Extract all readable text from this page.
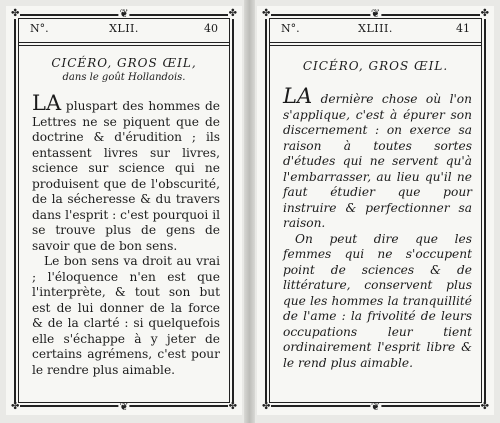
✤	✤
✤	✤
❦
❦
N°.	XLII.	40
CICÉRO, GROS ŒIL,
dans le goût Hollandois.

LA pluspart des hommes de Lettres ne se piquent que de doctrine & d'érudition ; ils entassent livres sur livres, science sur science qui ne produisent que de l'obscurité, de la sécheresse & du travers dans l'esprit : c'est pourquoi il se trouve plus de gens de savoir que de bon sens.

Le bon sens va droit au vrai ; l'éloquence n'en est que l'interprète, & tout son but est de lui donner de la force & de la clarté : si quelquefois elle s'échappe à y jeter de certains agrémens, c'est pour le rendre plus aimable.

✤	✤
✤	✤
❦
❦
N°.	XLIII.	41
CICÉRO, GROS ŒIL.

LA dernière chose où l'on s'applique, c'est à épurer son discernement : on exerce sa raison à toutes sortes d'études qui ne servent qu'à l'embarrasser, au lieu qu'il ne faut étudier que pour instruire & perfectionner sa raison.

On peut dire que les femmes qui ne s'occupent point de sciences & de littérature, conservent plus que les hommes la tranquillité de l'ame : la frivolité de leurs occupations leur tient ordinairement l'esprit libre & le rend plus aimable.
